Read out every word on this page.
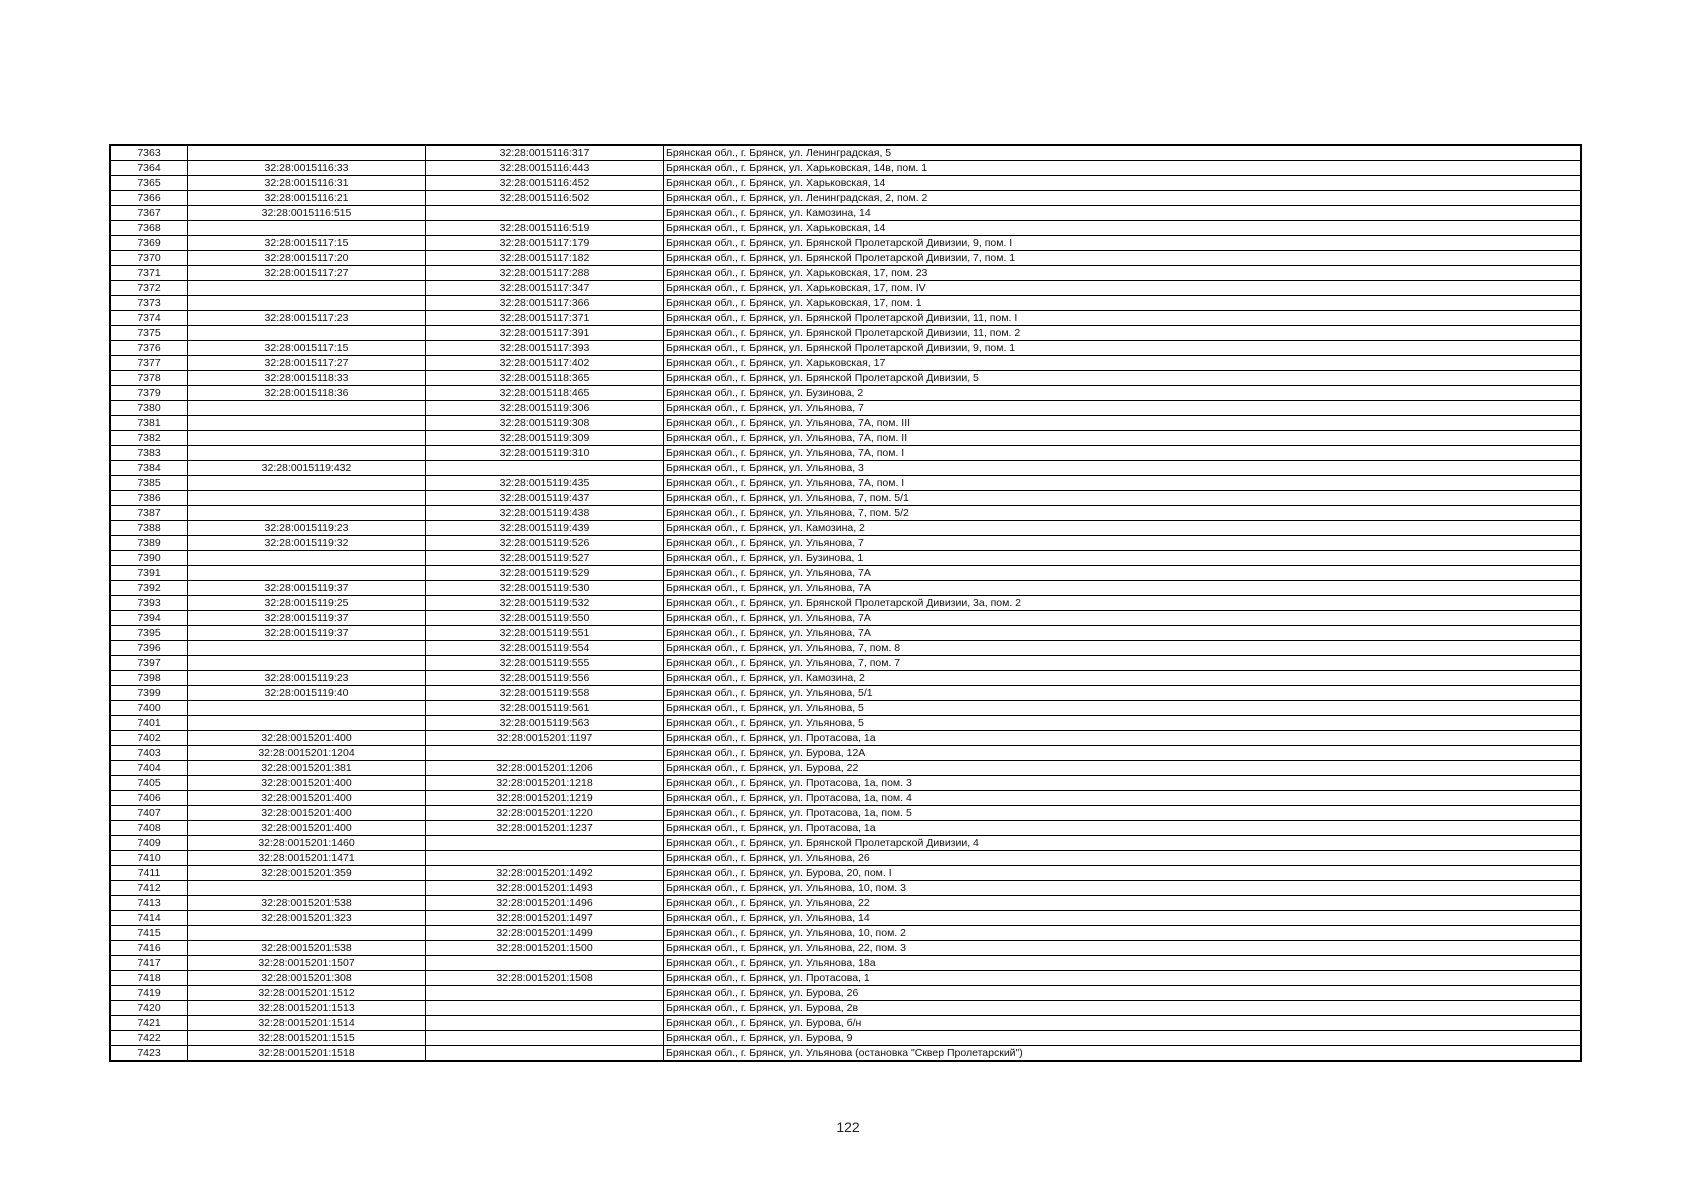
7363		32:28:0015116:317	Брянская обл., г. Брянск, ул. Ленинградская, 5
7364	32:28:0015116:33	32:28:0015116:443	Брянская обл., г. Брянск, ул. Харьковская, 14в, пом. 1
7365	32:28:0015116:31	32:28:0015116:452	Брянская обл., г. Брянск, ул. Харьковская, 14
7366	32:28:0015116:21	32:28:0015116:502	Брянская обл., г. Брянск, ул. Ленинградская, 2, пом. 2
7367	32:28:0015116:515		Брянская обл., г. Брянск, ул. Камозина, 14
7368		32:28:0015116:519	Брянская обл., г. Брянск, ул. Харьковская, 14
7369	32:28:0015117:15	32:28:0015117:179	Брянская обл., г. Брянск, ул. Брянской Пролетарской Дивизии, 9, пом. I
7370	32:28:0015117:20	32:28:0015117:182	Брянская обл., г. Брянск, ул. Брянской Пролетарской Дивизии, 7, пом. 1
7371	32:28:0015117:27	32:28:0015117:288	Брянская обл., г. Брянск, ул. Харьковская, 17, пом. 23
7372		32:28:0015117:347	Брянская обл., г. Брянск, ул. Харьковская, 17, пом. IV
7373		32:28:0015117:366	Брянская обл., г. Брянск, ул. Харьковская, 17, пом. 1
7374	32:28:0015117:23	32:28:0015117:371	Брянская обл., г. Брянск, ул. Брянской Пролетарской Дивизии, 11, пом. I
7375		32:28:0015117:391	Брянская обл., г. Брянск, ул. Брянской Пролетарской Дивизии, 11, пом. 2
7376	32:28:0015117:15	32:28:0015117:393	Брянская обл., г. Брянск, ул. Брянской Пролетарской Дивизии, 9, пом. 1
7377	32:28:0015117:27	32:28:0015117:402	Брянская обл., г. Брянск, ул. Харьковская, 17
7378	32:28:0015118:33	32:28:0015118:365	Брянская обл., г. Брянск, ул. Брянской Пролетарской Дивизии, 5
7379	32:28:0015118:36	32:28:0015118:465	Брянская обл., г. Брянск, ул. Бузинова, 2
7380		32:28:0015119:306	Брянская обл., г. Брянск, ул. Ульянова, 7
7381		32:28:0015119:308	Брянская обл., г. Брянск, ул. Ульянова, 7А, пом. III
7382		32:28:0015119:309	Брянская обл., г. Брянск, ул. Ульянова, 7А, пом. II
7383		32:28:0015119:310	Брянская обл., г. Брянск, ул. Ульянова, 7А, пом. I
7384	32:28:0015119:432		Брянская обл., г. Брянск, ул. Ульянова, 3
7385		32:28:0015119:435	Брянская обл., г. Брянск, ул. Ульянова, 7А, пом. I
7386		32:28:0015119:437	Брянская обл., г. Брянск, ул. Ульянова, 7, пом. 5/1
7387		32:28:0015119:438	Брянская обл., г. Брянск, ул. Ульянова, 7, пом. 5/2
7388	32:28:0015119:23	32:28:0015119:439	Брянская обл., г. Брянск, ул. Камозина, 2
7389	32:28:0015119:32	32:28:0015119:526	Брянская обл., г. Брянск, ул. Ульянова, 7
7390		32:28:0015119:527	Брянская обл., г. Брянск, ул. Бузинова, 1
7391		32:28:0015119:529	Брянская обл., г. Брянск, ул. Ульянова, 7А
7392	32:28:0015119:37	32:28:0015119:530	Брянская обл., г. Брянск, ул. Ульянова, 7А
7393	32:28:0015119:25	32:28:0015119:532	Брянская обл., г. Брянск, ул. Брянской Пролетарской Дивизии, 3а, пом. 2
7394	32:28:0015119:37	32:28:0015119:550	Брянская обл., г. Брянск, ул. Ульянова, 7А
7395	32:28:0015119:37	32:28:0015119:551	Брянская обл., г. Брянск, ул. Ульянова, 7А
7396		32:28:0015119:554	Брянская обл., г. Брянск, ул. Ульянова, 7, пом. 8
7397		32:28:0015119:555	Брянская обл., г. Брянск, ул. Ульянова, 7, пом. 7
7398	32:28:0015119:23	32:28:0015119:556	Брянская обл., г. Брянск, ул. Камозина, 2
7399	32:28:0015119:40	32:28:0015119:558	Брянская обл., г. Брянск, ул. Ульянова, 5/1
7400		32:28:0015119:561	Брянская обл., г. Брянск, ул. Ульянова, 5
7401		32:28:0015119:563	Брянская обл., г. Брянск, ул. Ульянова, 5
7402	32:28:0015201:400	32:28:0015201:1197	Брянская обл., г. Брянск, ул. Протасова, 1а
7403	32:28:0015201:1204		Брянская обл., г. Брянск, ул. Бурова, 12А
7404	32:28:0015201:381	32:28:0015201:1206	Брянская обл., г. Брянск, ул. Бурова, 22
7405	32:28:0015201:400	32:28:0015201:1218	Брянская обл., г. Брянск, ул. Протасова, 1а, пом. 3
7406	32:28:0015201:400	32:28:0015201:1219	Брянская обл., г. Брянск, ул. Протасова, 1а, пом. 4
7407	32:28:0015201:400	32:28:0015201:1220	Брянская обл., г. Брянск, ул. Протасова, 1а, пом. 5
7408	32:28:0015201:400	32:28:0015201:1237	Брянская обл., г. Брянск, ул. Протасова, 1а
7409	32:28:0015201:1460		Брянская обл., г. Брянск, ул. Брянской Пролетарской Дивизии, 4
7410	32:28:0015201:1471		Брянская обл., г. Брянск, ул. Ульянова, 26
7411	32:28:0015201:359	32:28:0015201:1492	Брянская обл., г. Брянск, ул. Бурова, 20, пом. I
7412		32:28:0015201:1493	Брянская обл., г. Брянск, ул. Ульянова, 10, пом. 3
7413	32:28:0015201:538	32:28:0015201:1496	Брянская обл., г. Брянск, ул. Ульянова, 22
7414	32:28:0015201:323	32:28:0015201:1497	Брянская обл., г. Брянск, ул. Ульянова, 14
7415		32:28:0015201:1499	Брянская обл., г. Брянск, ул. Ульянова, 10, пом. 2
7416	32:28:0015201:538	32:28:0015201:1500	Брянская обл., г. Брянск, ул. Ульянова, 22, пом. 3
7417	32:28:0015201:1507		Брянская обл., г. Брянск, ул. Ульянова, 18а
7418	32:28:0015201:308	32:28:0015201:1508	Брянская обл., г. Брянск, ул. Протасова, 1
7419	32:28:0015201:1512		Брянская обл., г. Брянск, ул. Бурова, 26
7420	32:28:0015201:1513		Брянская обл., г. Брянск, ул. Бурова, 2в
7421	32:28:0015201:1514		Брянская обл., г. Брянск, ул. Бурова, б/н
7422	32:28:0015201:1515		Брянская обл., г. Брянск, ул. Бурова, 9
7423	32:28:0015201:1518		Брянская обл., г. Брянск, ул. Ульянова (остановка "Сквер Пролетарский")
122
